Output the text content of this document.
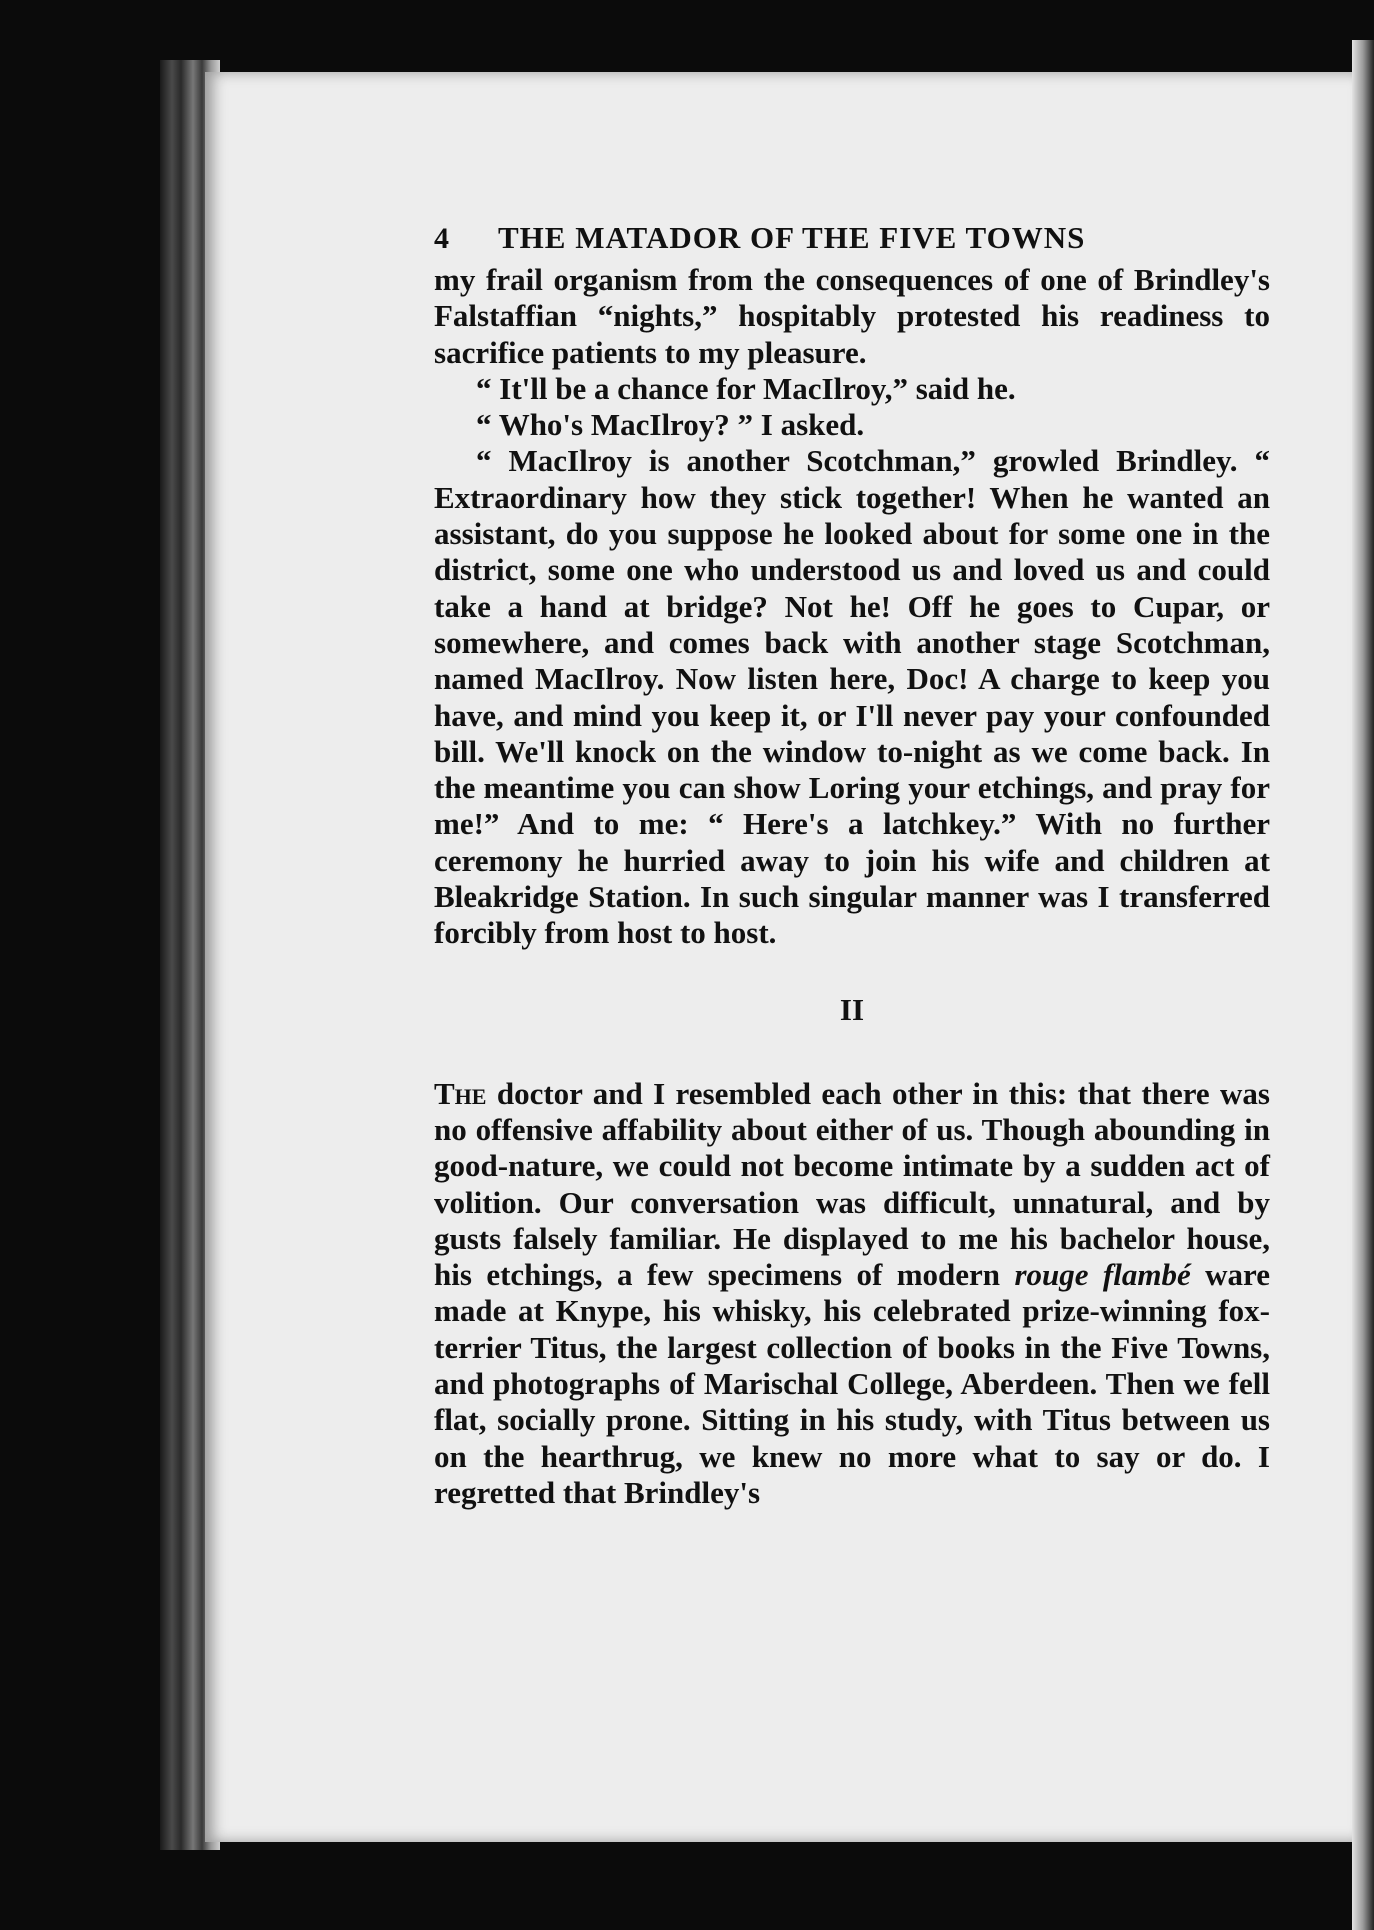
4	THE MATADOR OF THE FIVE TOWNS

my frail organism from the consequences of one of Brindley's Falstaffian “nights,” hospitably protested his readiness to sacrifice patients to my pleasure.

“ It'll be a chance for MacIlroy,” said he.

“ Who's MacIlroy? ” I asked.

“ MacIlroy is another Scotchman,” growled Brindley. “ Extraordinary how they stick together! When he wanted an assistant, do you suppose he looked about for some one in the district, some one who understood us and loved us and could take a hand at bridge? Not he! Off he goes to Cupar, or somewhere, and comes back with another stage Scotchman, named MacIlroy. Now listen here, Doc! A charge to keep you have, and mind you keep it, or I'll never pay your confounded bill. We'll knock on the window to-night as we come back. In the meantime you can show Loring your etchings, and pray for me!” And to me: “ Here's a latchkey.” With no further ceremony he hurried away to join his wife and children at Bleakridge Station. In such singular manner was I transferred forcibly from host to host.

II

The doctor and I resembled each other in this: that there was no offensive affability about either of us. Though abounding in good-nature, we could not become intimate by a sudden act of volition. Our conversation was difficult, unnatural, and by gusts falsely familiar. He displayed to me his bachelor house, his etchings, a few specimens of modern rouge flambé ware made at Knype, his whisky, his celebrated prize-winning fox-terrier Titus, the largest collection of books in the Five Towns, and photographs of Marischal College, Aberdeen. Then we fell flat, socially prone. Sitting in his study, with Titus between us on the hearthrug, we knew no more what to say or do. I regretted that Brindley's
